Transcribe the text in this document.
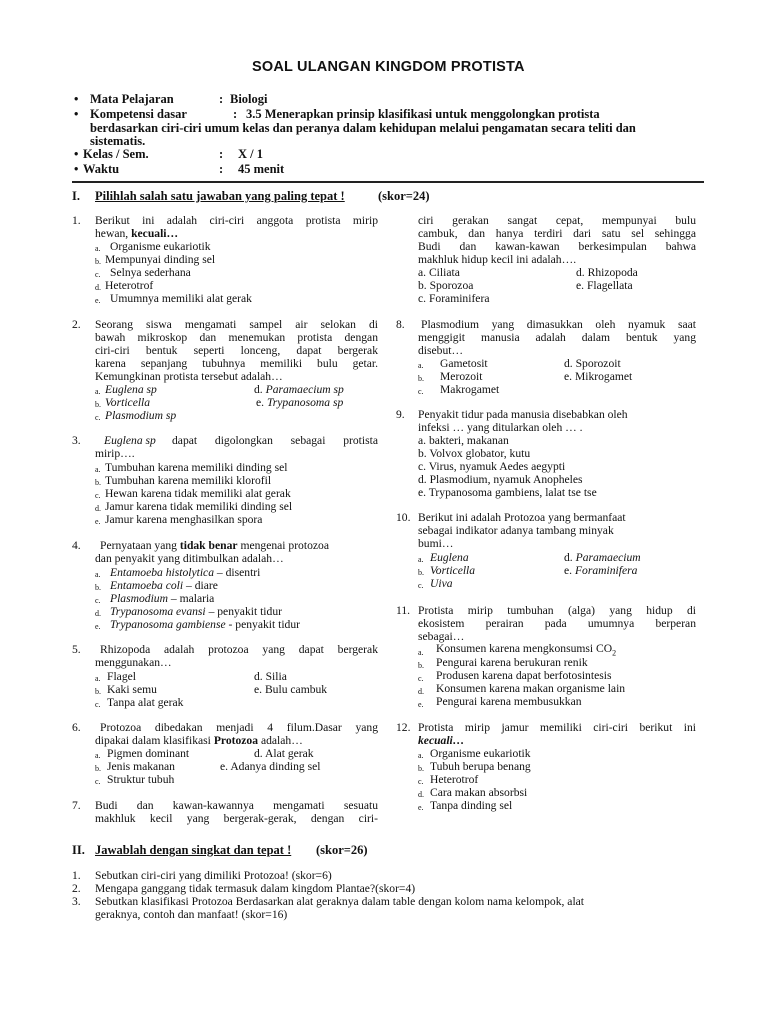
SOAL ULANGAN KINGDOM PROTISTA
• Mata Pelajaran	: Biologi
• Kompetensi dasar	: 3.5 Menerapkan prinsip klasifikasi untuk menggolongkan protista
berdasarkan ciri-ciri umum kelas dan peranya dalam kehidupan melalui pengamatan secara teliti dan
sistematis.
• Kelas / Sem.	: X / 1
• Waktu	: 45 menit
I. Pilihlah salah satu jawaban yang paling tepat !	(skor=24)
1. Berikut ini adalah ciri-ciri anggota protista mirip
hewan, kecuali…
a. Organisme eukariotik
b. Mempunyai dinding sel
c. Selnya sederhana
d. Heterotrof
e. Umumnya memiliki alat gerak
2. Seorang siswa mengamati sampel air selokan di
bawah mikroskop dan menemukan protista dengan
ciri-ciri bentuk seperti lonceng, dapat bergerak
karena sepanjang tubuhnya memiliki bulu getar.
Kemungkinan protista tersebut adalah…
a. Euglena sp
b. Vorticella
c. Plasmodium sp
d. Paramaecium sp
e. Trypanosoma sp
3. Euglena sp dapat digolongkan sebagai protista
mirip….
a. Tumbuhan karena memiliki dinding sel
b. Tumbuhan karena memiliki klorofil
c. Hewan karena tidak memiliki alat gerak
d. Jamur karena tidak memiliki dinding sel
e. Jamur karena menghasilkan spora
4. Pernyataan yang tidak benar mengenai protozoa
dan penyakit yang ditimbulkan adalah…
a. Entamoeba histolytica – disentri
b. Entamoeba coli – diare
c. Plasmodium – malaria
d. Trypanosoma evansi – penyakit tidur
e. Trypanosoma gambiense - penyakit tidur
5. Rhizopoda adalah protozoa yang dapat bergerak
menggunakan…
a. Flagel
b. Kaki semu
c. Tanpa alat gerak
d. Silia
e. Bulu cambuk
6. Protozoa dibedakan menjadi 4 filum.Dasar yang
dipakai dalam klasifikasi Protozoa adalah…
a. Pigmen dominant
b. Jenis makanan
c. Struktur tubuh
d. Alat gerak
e. Adanya dinding sel
7. Budi dan kawan-kawannya mengamati sesuatu
makhluk kecil yang bergerak-gerak, dengan ciri-
ciri gerakan sangat cepat, mempunyai bulu
cambuk, dan hanya terdiri dari satu sel sehingga
Budi dan kawan-kawan berkesimpulan bahwa
makhluk hidup kecil ini adalah….
a. Ciliata
b. Sporozoa
c. Foraminifera
d. Rhizopoda
e. Flagellata
8. Plasmodium yang dimasukkan oleh nyamuk saat
menggigit manusia adalah dalam bentuk yang
disebut…
a. Gametosit
b. Merozoit
c. Makrogamet
d. Sporozoit
e. Mikrogamet
9. Penyakit tidur pada manusia disebabkan oleh
infeksi … yang ditularkan oleh … .
a. bakteri, makanan
b. Volvox globator, kutu
c. Virus, nyamuk Aedes aegypti
d. Plasmodium, nyamuk Anopheles
e. Trypanosoma gambiens, lalat tse tse
10. Berikut ini adalah Protozoa yang bermanfaat
sebagai indikator adanya tambang minyak
bumi…
a. Euglena
b. Vorticella
c. Uiva
d. Paramaecium
e. Foraminifera
11. Protista mirip tumbuhan (alga) yang hidup di
ekosistem perairan pada umumnya berperan
sebagai…
a. Konsumen karena mengkonsumsi $CO_2$
b. Pengurai karena berukuran renik
c. Produsen karena dapat berfotosintesis
d. Konsumen karena makan organisme lain
e. Pengurai karena membusukkan
12. Protista mirip jamur memiliki ciri-ciri berikut ini
kecuali…
a. Organisme eukariotik
b. Tubuh berupa benang
c. Heterotrof
d. Cara makan absorbsi
e. Tanpa dinding sel
II. Jawablah dengan singkat dan tepat ! (skor=26)
1. Sebutkan ciri-ciri yang dimiliki Protozoa! (skor=6)
2. Mengapa ganggang tidak termasuk dalam kingdom Plantae?(skor=4)
3. Sebutkan klasifikasi Protozoa Berdasarkan alat geraknya dalam table dengan kolom nama kelompok, alat
geraknya, contoh dan manfaat! (skor=16)
